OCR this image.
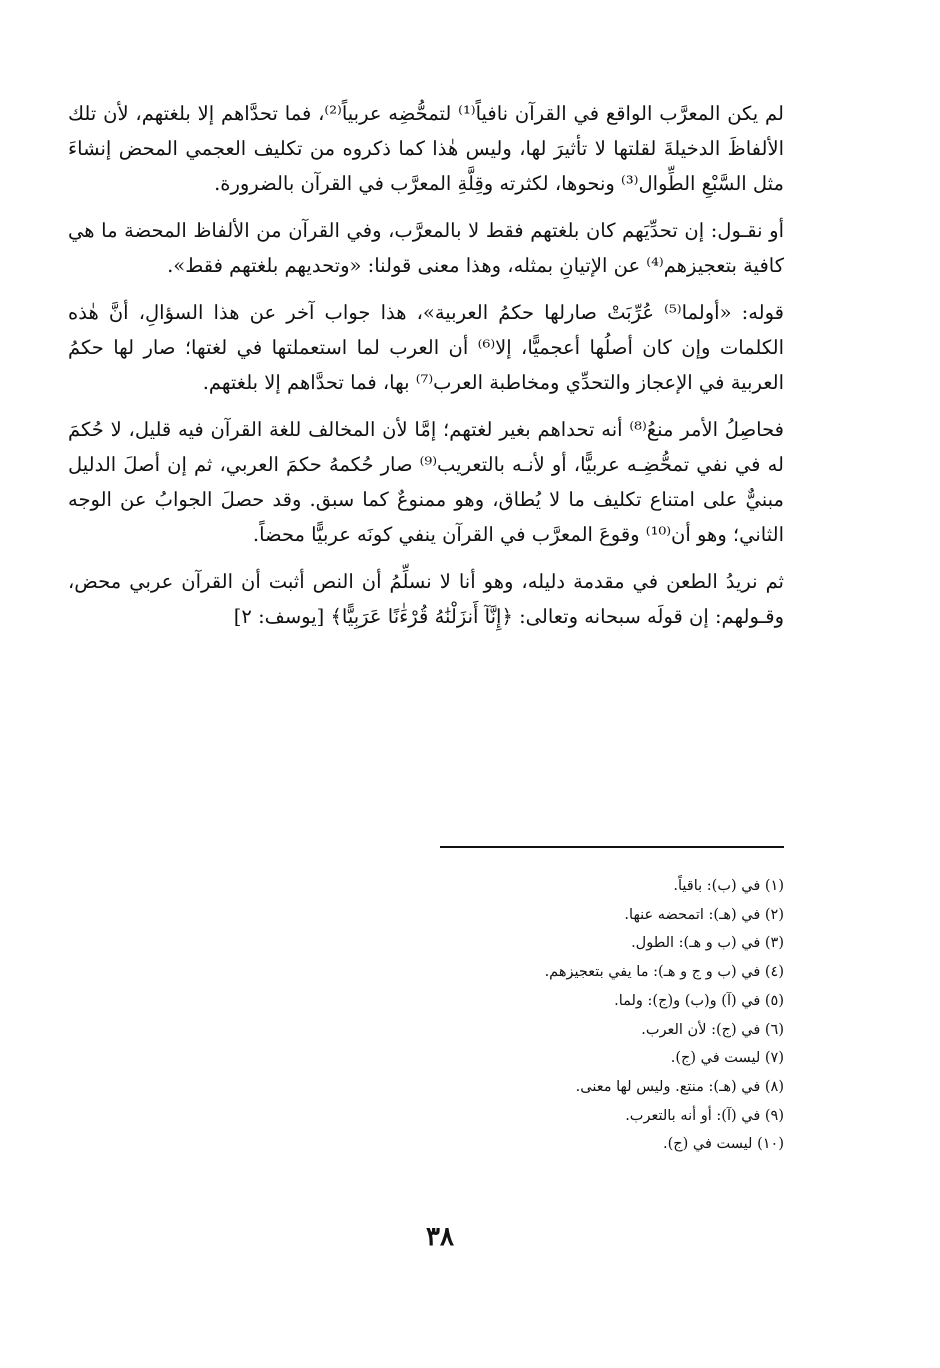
لم يكن المعرَّب الواقع في القرآن نافياً⁽¹⁾ لتمحُّضِه عربياً⁽²⁾، فما تحدَّاهم إلا بلغتهم، لأن تلك الألفاظَ الدخيلةَ لقلتها لا تأثيرَ لها، وليس هٰذا كما ذكروه من تكليف العجمي المحض إنشاءَ مثل السَّبْعِ الطِّوال⁽³⁾ ونحوها، لكثرته وقِلَّةِ المعرَّب في القرآن بالضرورة.

أو نقـول: إن تحدِّيَهم كان بلغتهم فقط لا بالمعرَّب، وفي القرآن من الألفاظ المحضة ما هي كافية بتعجيزهم⁽⁴⁾ عن الإتيانِ بمثله، وهذا معنى قولنا: «وتحديهم بلغتهم فقط».

قوله: «أولما⁽⁵⁾ عُرِّبَتْ صارلها حكمُ العربية»، هذا جواب آخر عن هذا السؤالِ، أنَّ هٰذه الكلمات وإن كان أصلُها أعجميًّا، إلا⁽⁶⁾ أن العرب لما استعملتها في لغتها؛ صار لها حكمُ العربية في الإعجاز والتحدِّي ومخاطبة العرب⁽⁷⁾ بها، فما تحدَّاهم إلا بلغتهم.

فحاصِلُ الأمر منعُ⁽⁸⁾ أنه تحداهم بغير لغتهم؛ إمَّا لأن المخالف للغة القرآن فيه قليل، لا حُكمَ له في نفي تمحُّضِـه عربيًّا، أو لأنـه بالتعريب⁽⁹⁾ صار حُكمهُ حكمَ العربي، ثم إن أصلَ الدليل مبنيٌّ على امتناع تكليف ما لا يُطاق، وهو ممنوعٌ كما سبق. وقد حصلَ الجوابُ عن الوجه الثاني؛ وهو أن⁽¹⁰⁾ وقوعَ المعرَّب في القرآن ينفي كونَه عربيًّا محضاً.

ثم نريدُ الطعن في مقدمة دليله، وهو أنا لا نسلِّمُ أن النص أثبت أن القرآن عربي محض، وقـولهم: إن قولَه سبحانه وتعالى: ﴿إِنَّآ أَنزَلْنَٰهُ قُرْءَٰنًا عَرَبِيًّا﴾ [يوسف: ٢]

(١) في (ب): باقياً.
(٢) في (هـ): اتمحضه عنها.
(٣) في (ب و هـ): الطول.
(٤) في (ب و ج و هـ): ما يفي بتعجيزهم.
(٥) في (آ) و(ب) و(ج): ولما.
(٦) في (ج): لأن العرب.
(٧) ليست في (ج).
(٨) في (هـ): منتع. وليس لها معنى.
(٩) في (آ): أو أنه بالتعرب.
(١٠) ليست في (ج).
٣٨
